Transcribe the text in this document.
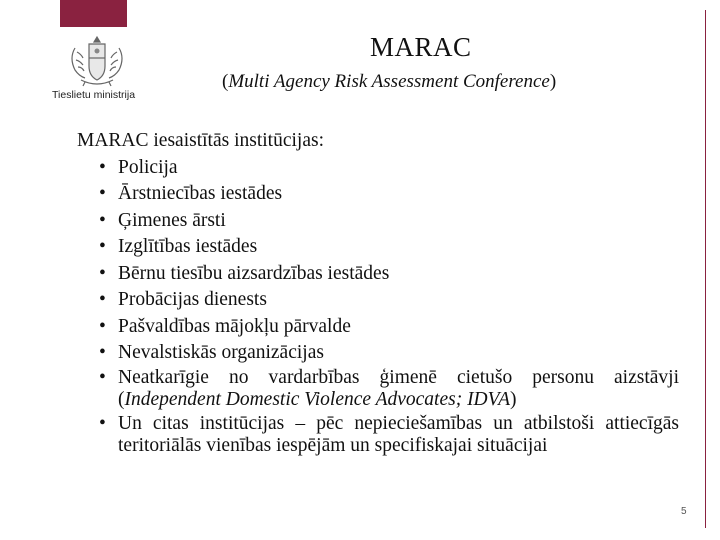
Tieslietu ministrija
MARAC
(Multi Agency Risk Assessment Conference)
MARAC iesaistītās institūcijas:
• Policija
• Ārstniecības iestādes
• Ģimenes ārsti
• Izglītības iestādes
• Bērnu tiesību aizsardzības iestādes
• Probācijas dienests
• Pašvaldības mājokļu pārvalde
• Nevalstiskās organizācijas
• Neatkarīgie no vardarbības ģimenē cietušo personu aizstāvji (Independent Domestic Violence Advocates; IDVA)
• Un citas institūcijas – pēc nepieciešamības un atbilstoši attiecīgās teritoriālās vienības iespējām un specifiskajai situācijai
5
